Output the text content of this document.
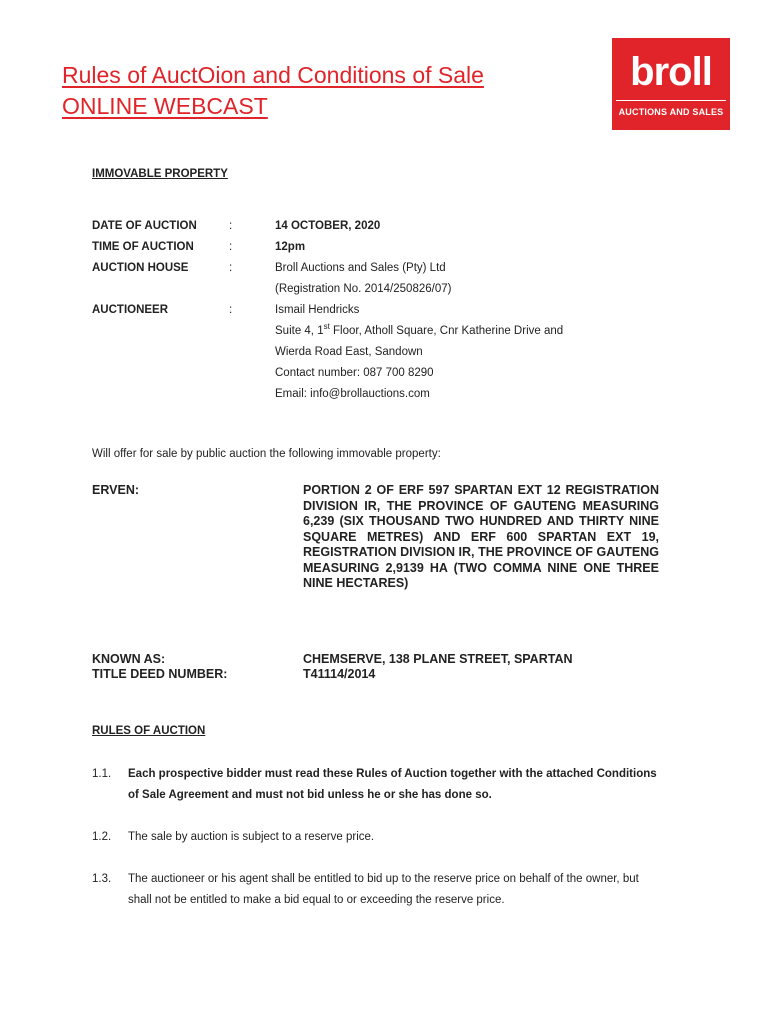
Rules of AuctOion and Conditions of Sale
ONLINE WEBCAST
broll
AUCTIONS AND SALES
IMMOVABLE PROPERTY
DATE OF AUCTION	:	14 OCTOBER, 2020
TIME OF AUCTION	:	12pm
AUCTION HOUSE	:	Broll Auctions and Sales (Pty) Ltd
(Registration No. 2014/250826/07)
AUCTIONEER	:	Ismail Hendricks
Suite 4, 1st Floor, Atholl Square, Cnr Katherine Drive and
Wierda Road East, Sandown
Contact number: 087 700 8290
Email: info@brollauctions.com
Will offer for sale by public auction the following immovable property:
ERVEN:	PORTION 2 OF ERF 597 SPARTAN EXT 12 REGISTRATION DIVISION IR, THE PROVINCE OF GAUTENG MEASURING 6,239 (SIX THOUSAND TWO HUNDRED AND THIRTY NINE SQUARE METRES) AND ERF 600 SPARTAN EXT 19, REGISTRATION DIVISION IR, THE PROVINCE OF GAUTENG MEASURING 2,9139 HA (TWO COMMA NINE ONE THREE NINE HECTARES)
KNOWN AS:	CHEMSERVE, 138 PLANE STREET, SPARTAN
TITLE DEED NUMBER:	T41114/2014
RULES OF AUCTION
1.1. Each prospective bidder must read these Rules of Auction together with the attached Conditions of Sale Agreement and must not bid unless he or she has done so.
1.2. The sale by auction is subject to a reserve price.
1.3. The auctioneer or his agent shall be entitled to bid up to the reserve price on behalf of the owner, but shall not be entitled to make a bid equal to or exceeding the reserve price.
